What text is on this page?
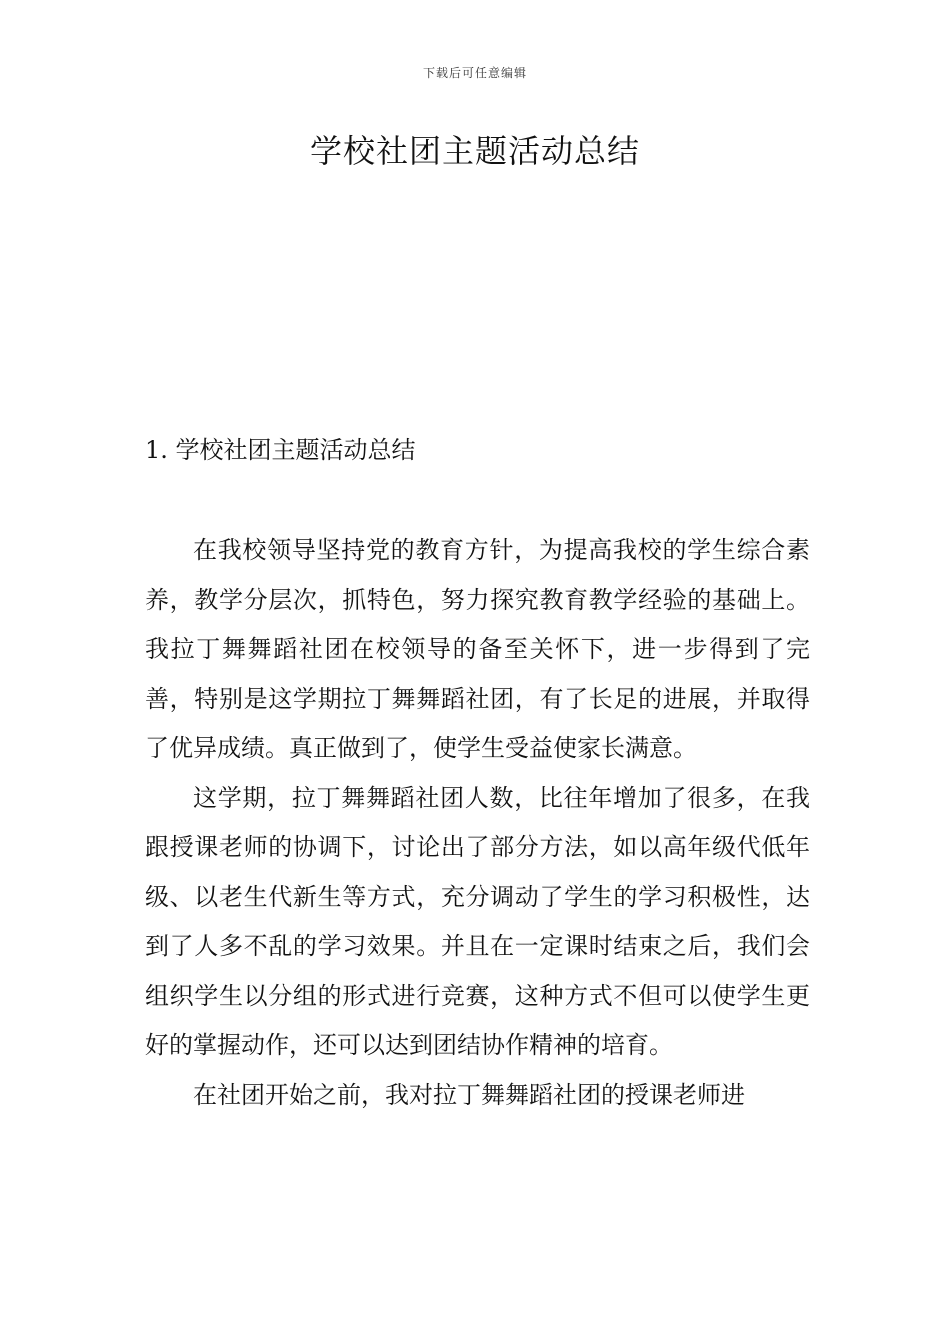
下载后可任意编辑
学校社团主题活动总结
1. 学校社团主题活动总结

在我校领导坚持党的教育方针，为提高我校的学生综合素养，教学分层次，抓特色，努力探究教育教学经验的基础上。我拉丁舞舞蹈社团在校领导的备至关怀下，进一步得到了完善，特别是这学期拉丁舞舞蹈社团，有了长足的进展，并取得了优异成绩。真正做到了，使学生受益使家长满意。

这学期，拉丁舞舞蹈社团人数，比往年增加了很多，在我跟授课老师的协调下，讨论出了部分方法，如以高年级代低年级、以老生代新生等方式，充分调动了学生的学习积极性，达到了人多不乱的学习效果。并且在一定课时结束之后，我们会组织学生以分组的形式进行竞赛，这种方式不但可以使学生更好的掌握动作，还可以达到团结协作精神的培育。

在社团开始之前，我对拉丁舞舞蹈社团的授课老师进
